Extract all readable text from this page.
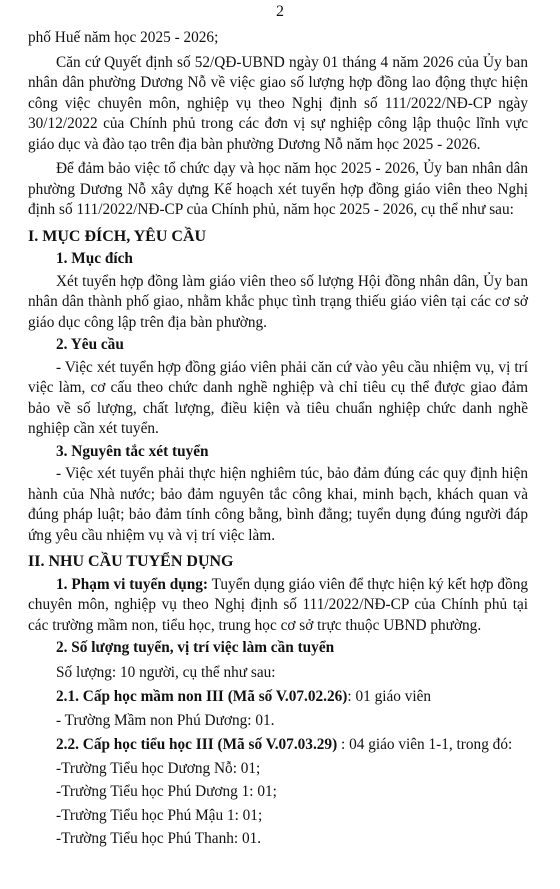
2

phố Huế năm học 2025 - 2026;

Căn cứ Quyết định số 52/QĐ-UBND ngày 01 tháng 4 năm 2026 của Ủy ban nhân dân phường Dương Nỗ về việc giao số lượng hợp đồng lao động thực hiện công việc chuyên môn, nghiệp vụ theo Nghị định số 111/2022/NĐ-CP ngày 30/12/2022 của Chính phủ trong các đơn vị sự nghiệp công lập thuộc lĩnh vực giáo dục và đào tạo trên địa bàn phường Dương Nỗ năm học 2025 - 2026.

Để đảm bảo việc tổ chức dạy và học năm học 2025 - 2026, Ủy ban nhân dân phường Dương Nỗ xây dựng Kế hoạch xét tuyển hợp đồng giáo viên theo Nghị định số 111/2022/NĐ-CP của Chính phủ, năm học 2025 - 2026, cụ thể như sau:

I. MỤC ĐÍCH, YÊU CẦU
1. Mục đích

Xét tuyển hợp đồng làm giáo viên theo số lượng Hội đồng nhân dân, Ủy ban nhân dân thành phố giao, nhằm khắc phục tình trạng thiếu giáo viên tại các cơ sở giáo dục công lập trên địa bàn phường.

2. Yêu cầu

- Việc xét tuyển hợp đồng giáo viên phải căn cứ vào yêu cầu nhiệm vụ, vị trí việc làm, cơ cấu theo chức danh nghề nghiệp và chỉ tiêu cụ thể được giao đảm bảo về số lượng, chất lượng, điều kiện và tiêu chuẩn nghiệp chức danh nghề nghiệp cần xét tuyển.

3. Nguyên tắc xét tuyển

- Việc xét tuyển phải thực hiện nghiêm túc, bảo đảm đúng các quy định hiện hành của Nhà nước; bảo đảm nguyên tắc công khai, minh bạch, khách quan và đúng pháp luật; bảo đảm tính công bằng, bình đẳng; tuyển dụng đúng người đáp ứng yêu cầu nhiệm vụ và vị trí việc làm.

II. NHU CẦU TUYỂN DỤNG

1. Phạm vi tuyển dụng: Tuyển dụng giáo viên để thực hiện ký kết hợp đồng chuyên môn, nghiệp vụ theo Nghị định số 111/2022/NĐ-CP của Chính phủ tại các trường mầm non, tiểu học, trung học cơ sở trực thuộc UBND phường.

2. Số lượng tuyển, vị trí việc làm cần tuyển

Số lượng: 10 người, cụ thể như sau:

2.1. Cấp học mầm non III (Mã số V.07.02.26): 01 giáo viên

- Trường Mầm non Phú Dương: 01.

2.2. Cấp học tiểu học III (Mã số V.07.03.29) : 04 giáo viên 1-1, trong đó:

-Trường Tiểu học Dương Nỗ: 01;
-Trường Tiểu học Phú Dương 1: 01;
-Trường Tiểu học Phú Mậu 1: 01;
-Trường Tiểu học Phú Thanh: 01.
